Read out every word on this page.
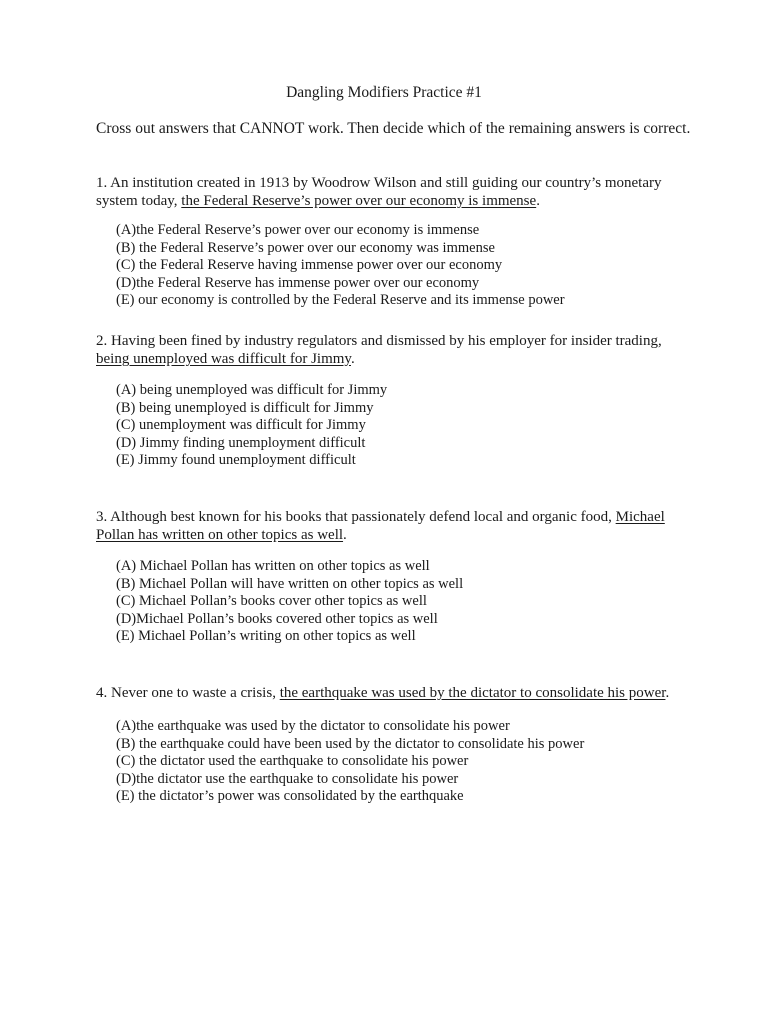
Dangling Modifiers Practice #1
Cross out answers that CANNOT work. Then decide which of the remaining answers is correct.
1. An institution created in 1913 by Woodrow Wilson and still guiding our country’s monetary system today, the Federal Reserve’s power over our economy is immense.
(A)the Federal Reserve’s power over our economy is immense
(B) the Federal Reserve’s power over our economy was immense
(C) the Federal Reserve having immense power over our economy
(D)the Federal Reserve has immense power over our economy
(E) our economy is controlled by the Federal Reserve and its immense power
2. Having been fined by industry regulators and dismissed by his employer for insider trading, being unemployed was difficult for Jimmy.
(A) being unemployed was difficult for Jimmy
(B) being unemployed is difficult for Jimmy
(C) unemployment was difficult for Jimmy
(D) Jimmy finding unemployment difficult
(E) Jimmy found unemployment difficult
3. Although best known for his books that passionately defend local and organic food, Michael Pollan has written on other topics as well.
(A) Michael Pollan has written on other topics as well
(B) Michael Pollan will have written on other topics as well
(C) Michael Pollan’s books cover other topics as well
(D)Michael Pollan’s books covered other topics as well
(E) Michael Pollan’s writing on other topics as well
4. Never one to waste a crisis, the earthquake was used by the dictator to consolidate his power.
(A)the earthquake was used by the dictator to consolidate his power
(B) the earthquake could have been used by the dictator to consolidate his power
(C) the dictator used the earthquake to consolidate his power
(D)the dictator use the earthquake to consolidate his power
(E) the dictator’s power was consolidated by the earthquake
